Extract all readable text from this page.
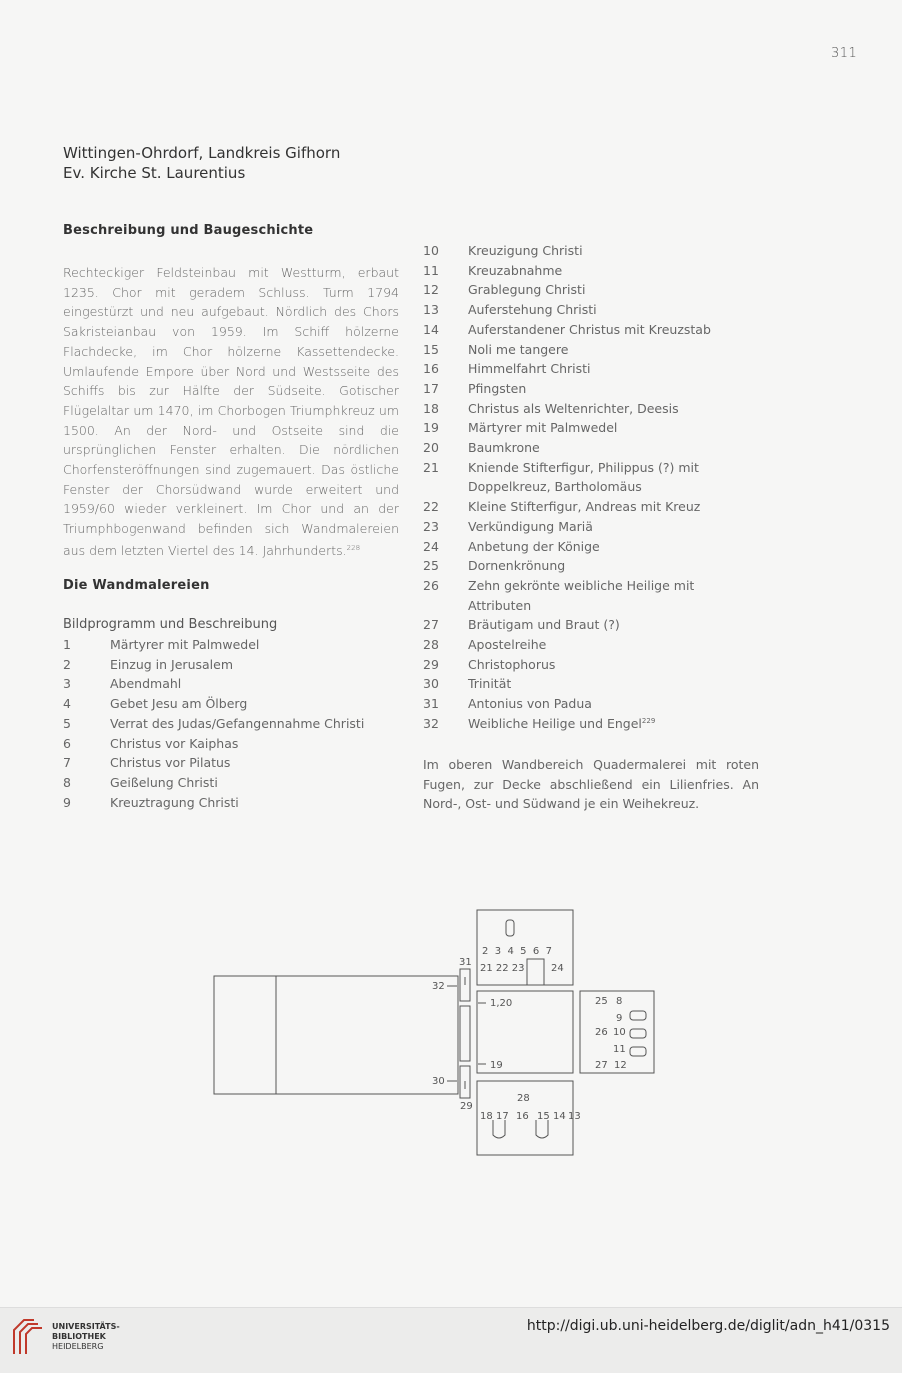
311
Wittingen-Ohrdorf, Landkreis Gifhorn
Ev. Kirche St. Laurentius
Beschreibung und Baugeschichte
Rechteckiger Feldsteinbau mit Westturm, erbaut 1235. Chor mit geradem Schluss. Turm 1794 eingestürzt und neu aufgebaut. Nördlich des Chors Sakristeianbau von 1959. Im Schiff hölzerne Flachdecke, im Chor hölzerne Kassettendecke. Umlaufende Empore über Nord und Westsseite des Schiffs bis zur Hälfte der Südseite. Gotischer Flügelaltar um 1470, im Chorbogen Triumphkreuz um 1500. An der Nord- und Ostseite sind die ursprünglichen Fenster erhalten. Die nördlichen Chorfensteröffnungen sind zugemauert. Das östliche Fenster der Chorsüdwand wurde erweitert und 1959/60 wieder verkleinert. Im Chor und an der Triumphbogenwand befinden sich Wandmalereien aus dem letzten Viertel des 14. Jahrhunderts.$^{228}$
Die Wandmalereien
Bildprogramm und Beschreibung
1	Märtyrer mit Palmwedel
2	Einzug in Jerusalem
3	Abendmahl
4	Gebet Jesu am Ölberg
5	Verrat des Judas/Gefangennahme Christi
6	Christus vor Kaiphas
7	Christus vor Pilatus
8	Geißelung Christi
9	Kreuztragung Christi
10 Kreuzigung Christi
11 Kreuzabnahme
12 Grablegung Christi
13 Auferstehung Christi
14 Auferstandener Christus mit Kreuzstab
15 Noli me tangere
16 Himmelfahrt Christi
17 Pfingsten
18 Christus als Weltenrichter, Deesis
19 Märtyrer mit Palmwedel
20 Baumkrone
21 Kniende Stifterfigur, Philippus (?) mit
Doppelkreuz, Bartholomäus
22 Kleine Stifterfigur, Andreas mit Kreuz
23 Verkündigung Mariä
24 Anbetung der Könige
25 Dornenkrönung
26 Zehn gekrönte weibliche Heilige mit
Attributen
27 Bräutigam und Braut (?)
28 Apostelreihe
29 Christophorus
30 Trinität
31 Antonius von Padua
32 Weibliche Heilige und Engel$^{229}$
Im oberen Wandbereich Quadermalerei mit roten Fugen, zur Decke abschließend ein Lilienfries. An Nord-, Ost- und Südwand je ein Weihekreuz.
2  3  4  5  6  7
21 22 23	24
31
32
30
29
1,20
19
25 8
9
26 10
11
27 12
28
18 17 16 15 14 13
UNIVERSITÄTS-
BIBLIOTHEK
HEIDELBERG
http://digi.ub.uni-heidelberg.de/diglit/adn_h41/0315
